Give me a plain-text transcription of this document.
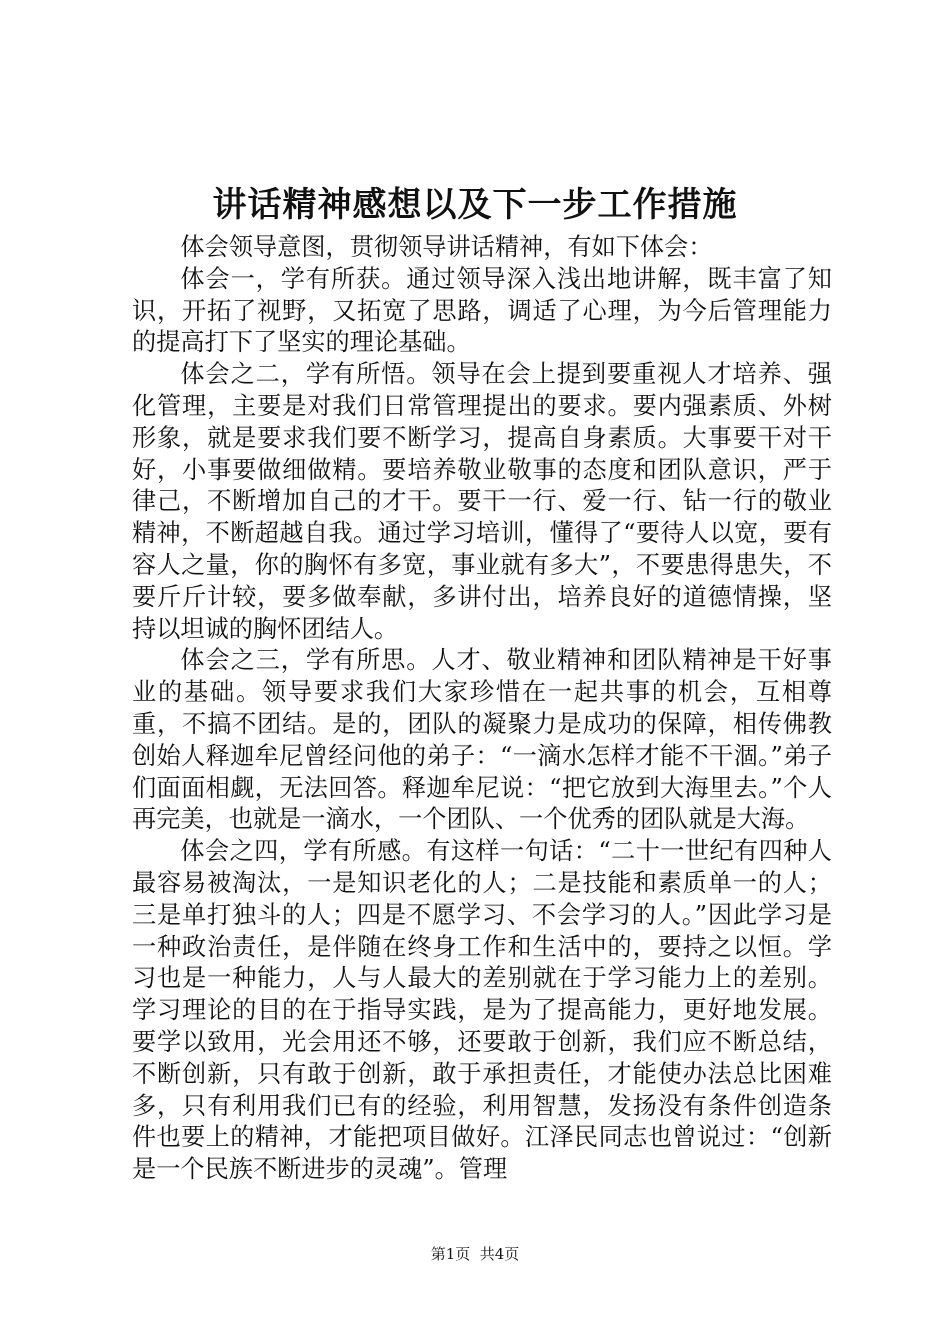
讲话精神感想以及下一步工作措施

体会领导意图，贯彻领导讲话精神，有如下体会：

体会一，学有所获。通过领导深入浅出地讲解，既丰富了知识，开拓了视野，又拓宽了思路，调适了心理，为今后管理能力的提高打下了坚实的理论基础。

体会之二，学有所悟。领导在会上提到要重视人才培养、强化管理，主要是对我们日常管理提出的要求。要内强素质、外树形象，就是要求我们要不断学习，提高自身素质。大事要干对干好，小事要做细做精。要培养敬业敬事的态度和团队意识，严于律己，不断增加自己的才干。要干一行、爱一行、钻一行的敬业精神，不断超越自我。通过学习培训，懂得了“要待人以宽，要有容人之量，你的胸怀有多宽，事业就有多大”，不要患得患失，不要斤斤计较，要多做奉献，多讲付出，培养良好的道德情操，坚持以坦诚的胸怀团结人。

体会之三，学有所思。人才、敬业精神和团队精神是干好事业的基础。领导要求我们大家珍惜在一起共事的机会，互相尊重，不搞不团结。是的，团队的凝聚力是成功的保障，相传佛教创始人释迦牟尼曾经问他的弟子：“一滴水怎样才能不干涸。”弟子们面面相觑，无法回答。释迦牟尼说：“把它放到大海里去。”个人再完美，也就是一滴水，一个团队、一个优秀的团队就是大海。

体会之四，学有所感。有这样一句话：“二十一世纪有四种人最容易被淘汰，一是知识老化的人；二是技能和素质单一的人；三是单打独斗的人；四是不愿学习、不会学习的人。”因此学习是一种政治责任，是伴随在终身工作和生活中的，要持之以恒。学习也是一种能力，人与人最大的差别就在于学习能力上的差别。学习理论的目的在于指导实践，是为了提高能力，更好地发展。要学以致用，光会用还不够，还要敢于创新，我们应不断总结，不断创新，只有敢于创新，敢于承担责任，才能使办法总比困难多，只有利用我们已有的经验，利用智慧，发扬没有条件创造条件也要上的精神，才能把项目做好。江泽民同志也曾说过：“创新是一个民族不断进步的灵魂”。管理

第1页  共4页
